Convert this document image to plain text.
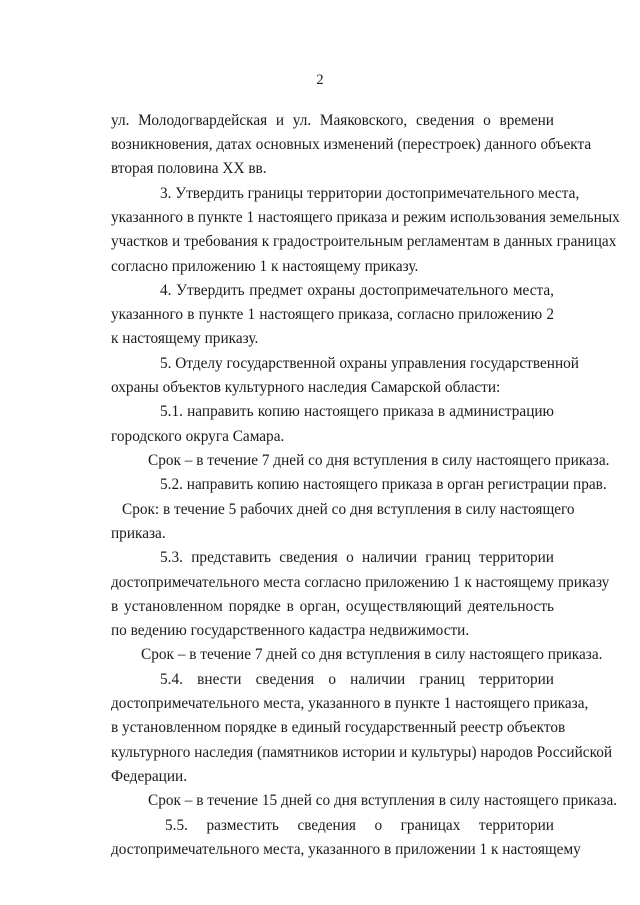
2
ул. Молодогвардейская и ул. Маяковского, сведения о времени
возникновения, датах основных изменений (перестроек) данного объекта
вторая половина XX вв.
3. Утвердить границы территории достопримечательного места,
указанного в пункте 1 настоящего приказа и режим использования земельных
участков и требования к градостроительным регламентам в данных границах
согласно приложению 1 к настоящему приказу.
4. Утвердить предмет охраны достопримечательного места,
указанного в пункте 1 настоящего приказа, согласно приложению 2
к настоящему приказу.
5. Отделу государственной охраны управления государственной
охраны объектов культурного наследия Самарской области:
5.1. направить копию настоящего приказа в администрацию
городского округа Самара.
Срок – в течение 7 дней со дня вступления в силу настоящего приказа.
5.2. направить копию настоящего приказа в орган регистрации прав.
Срок: в течение 5 рабочих дней со дня вступления в силу настоящего
приказа.
5.3. представить сведения о наличии границ территории
достопримечательного места согласно приложению 1 к настоящему приказу
в установленном порядке в орган, осуществляющий деятельность
по ведению государственного кадастра недвижимости.
Срок – в течение 7 дней со дня вступления в силу настоящего приказа.
5.4. внести сведения о наличии границ территории
достопримечательного места, указанного в пункте 1 настоящего приказа,
в установленном порядке в единый государственный реестр объектов
культурного наследия (памятников истории и культуры) народов Российской
Федерации.
Срок – в течение 15 дней со дня вступления в силу настоящего приказа.
5.5. разместить сведения о границах территории
достопримечательного места, указанного в приложении 1 к настоящему
